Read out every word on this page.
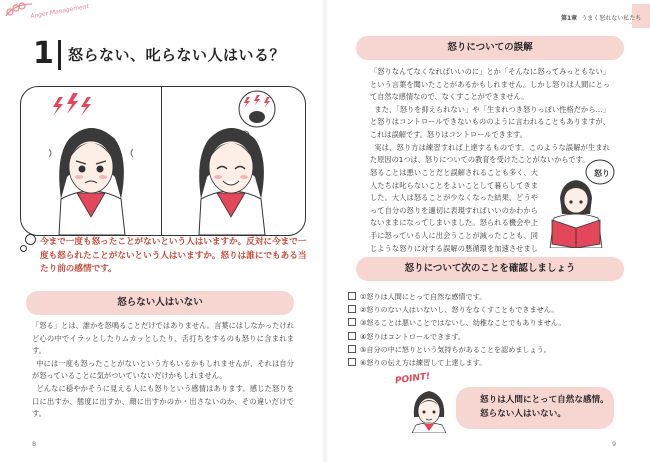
Anger Management
1 怒らない、叱らない人はいる？
今まで一度も怒ったことがないという人はいますか。反対に今まで一度も怒られたことがないという人はいますか。怒りは誰にでもある当たり前の感情です。
怒らない人はいない

「怒る」とは、誰かを怒鳴ることだけではありません。言葉にはしなかったけれど心の中でイラッとしたりムカッとしたり、舌打ちをするのも怒りに含まれます。

中には一度も怒ったことがないという方もいるかもしれませんが、それは自分が怒っていることに気がついていないだけかもしれません。

どんなに穏やかそうに見える人にも怒りという感情はあります。感じた怒りを口に出すか、態度に出すか、顔に出すかのか・出さないのか、その違いだけです。

8
第1章 うまく怒れない私たち
怒りについての誤解

「怒りなんてなくなればいいのに」とか「そんなに怒ってみっともない」という言葉を聞いたことがあるかもしれません。しかし怒りは人間にとって自然な感情なので、なくすことができません。

また、「怒りを抑えられない」や「生まれつき怒りっぽい性格だから…」と怒りはコントロールできないもののように言われることもありますが、これは誤解です。怒りはコントロールできます。

実は、怒り方は練習すれば上達するものです。このような誤解が生まれた原因の1つは、怒りについての教育を受けたことがないからです。

怒ることは悪いことだと誤解されることも多く、大人たちは叱らないことをよいことして暮らしてきました。大人は怒ることが少なくなった結果、どうやって自分の怒りを適切に表現すればいいのかわからないままになってしまいました。怒られる機会や上手に怒っている人に出会うことが減ったことも、同じような怒りに対する誤解の悪循環を加速させまし
怒り
怒りについて次のことを確認しましょう
①怒りは人間にとって自然な感情です。
②怒りのない人はいないし、怒りをなくすこともできません。
③怒ることは悪いことではないし、幼稚なことでもありません。
④怒りはコントロールできます。
⑤自分の中に怒りという気持ちがあることを認めましょう。
⑥怒りの伝え方は練習して上達します。
POINT!
怒りは人間にとって自然な感情。
怒らない人はいない。
9
